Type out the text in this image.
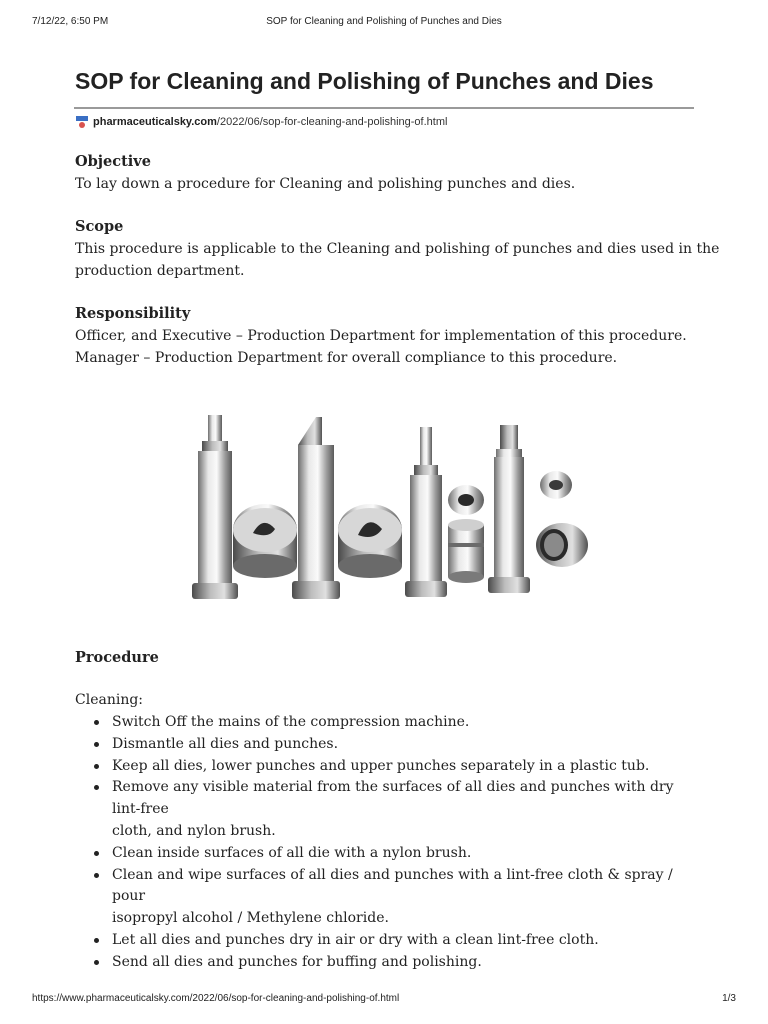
7/12/22, 6:50 PM	SOP for Cleaning and Polishing of Punches and Dies
SOP for Cleaning and Polishing of Punches and Dies
pharmaceuticalsky.com /2022/06/sop-for-cleaning-and-polishing-of.html
Objective
To lay down a procedure for Cleaning and polishing punches and dies.
Scope
This procedure is applicable to the Cleaning and polishing of punches and dies used in the
production department.
Responsibility
Officer, and Executive – Production Department for implementation of this procedure.
Manager – Production Department for overall compliance to this procedure.
Procedure
Cleaning:
Switch Off the mains of the compression machine.
Dismantle all dies and punches.
Keep all dies, lower punches and upper punches separately in a plastic tub.
Remove any visible material from the surfaces of all dies and punches with dry lint-free
cloth, and nylon brush.
Clean inside surfaces of all die with a nylon brush.
Clean and wipe surfaces of all dies and punches with a lint-free cloth & spray / pour
isopropyl alcohol / Methylene chloride.
Let all dies and punches dry in air or dry with a clean lint-free cloth.
Send all dies and punches for buffing and polishing.
https://www.pharmaceuticalsky.com/2022/06/sop-for-cleaning-and-polishing-of.html	1/3
